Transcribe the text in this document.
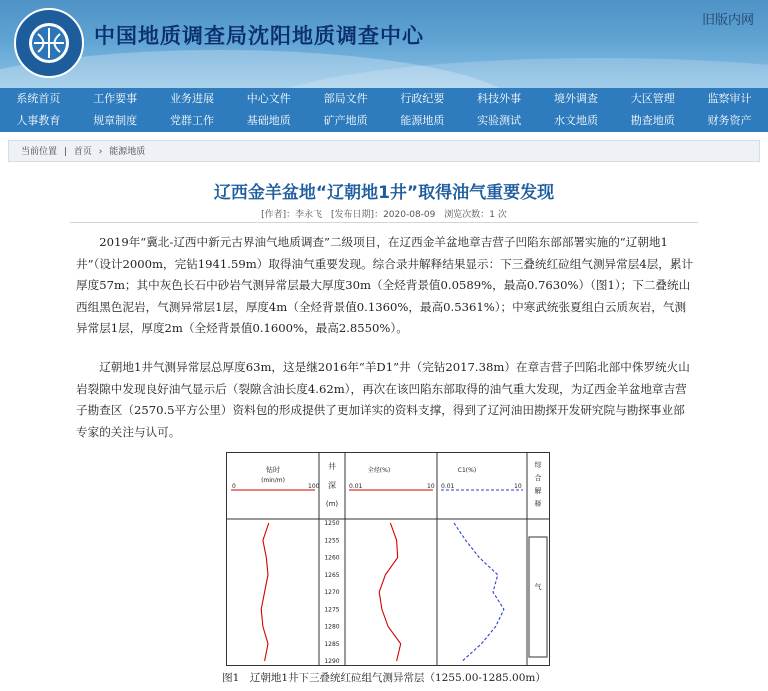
中国地质调查局沈阳地质调查中心
旧版内网
系统首页	工作要事	业务进展	中心文件	部局文件	行政纪要	科技外事	境外调查	大区管理	监察审计
人事教育	规章制度	党群工作	基础地质	矿产地质	能源地质	实验测试	水文地质	勘查地质	财务资产
当前位置 | 首页 › 能源地质
辽西金羊盆地“辽朝地1井”取得油气重要发现
[作者]：李永飞 [发布日期]：2020-08-09 浏览次数：1 次

2019年“冀北-辽西中新元古界油气地质调查”二级项目，在辽西金羊盆地章吉营子凹陷东部部署实施的“辽朝地1井”（设计2000m，完钻1941.59m）取得油气重要发现。综合录井解释结果显示：下三叠统红砬组气测异常层4层，累计厚度57m；其中灰色长石中砂岩气测异常层最大厚度30m（全烃背景值0.0589%，最高0.7630%）（图1）；下二叠统山西组黑色泥岩，气测异常层1层，厚度4m（全烃背景值0.1360%，最高0.5361%）；中寒武统张夏组白云质灰岩，气测异常层1层，厚度2m（全烃背景值0.1600%，最高2.8550%）。

辽朝地1井气测异常层总厚度63m，这是继2016年“羊D1”井（完钻2017.38m）在章吉营子凹陷北部中侏罗统火山岩裂隙中发现良好油气显示后（裂隙含油长度4.62m），再次在该凹陷东部取得的油气重大发现，为辽西金羊盆地章吉营子勘查区（2570.5平方公里）资料包的形成提供了更加详实的资料支撑，得到了辽河油田勘探开发研究院与勘探事业部专家的关注与认可。

钻时
(min/m)
0	100
井
深
(m)
全烃(%)
0.01	10
C1(%)
0.01	10
综
合
解
释
气
1250
1255
1260
1265
1270
1275
1280
1285
1290
图1　辽朝地1井下三叠统红砬组气测异常层（1255.00-1285.00m）
